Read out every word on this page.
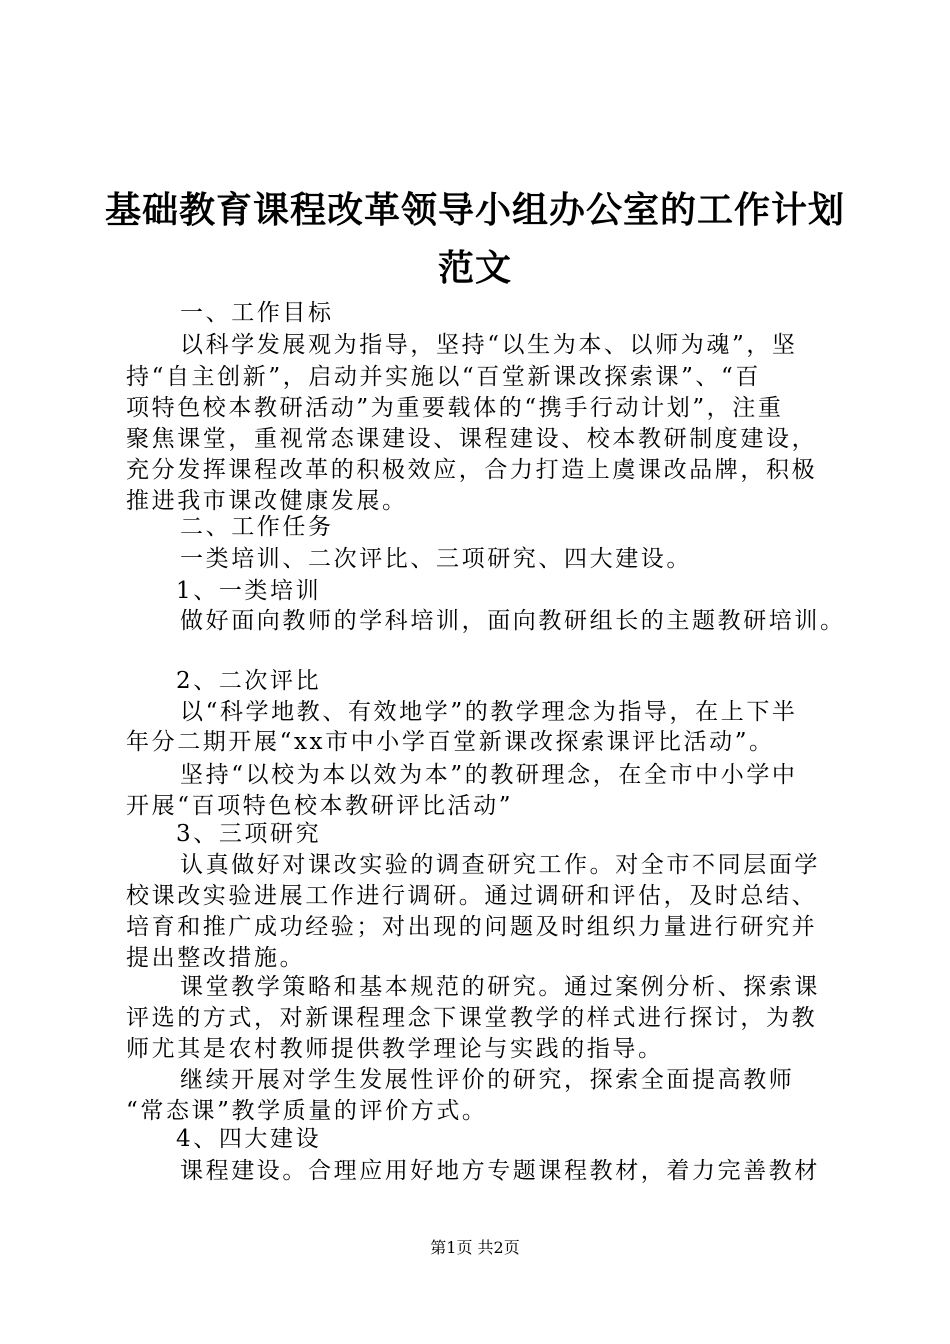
基础教育课程改革领导小组办公室的工作计划
范文
一、工作目标
以科学发展观为指导，坚持“以生为本、以师为魂”，坚
持“自主创新”，启动并实施以“百堂新课改探索课”、“百
项特色校本教研活动”为重要载体的“携手行动计划”，注重
聚焦课堂，重视常态课建设、课程建设、校本教研制度建设，
充分发挥课程改革的积极效应，合力打造上虞课改品牌，积极
推进我市课改健康发展。
二、工作任务
一类培训、二次评比、三项研究、四大建设。
1、一类培训
做好面向教师的学科培训，面向教研组长的主题教研培训。
2、二次评比
以“科学地教、有效地学”的教学理念为指导，在上下半
年分二期开展“xx市中小学百堂新课改探索课评比活动”。
坚持“以校为本以效为本”的教研理念，在全市中小学中
开展“百项特色校本教研评比活动”
3、三项研究
认真做好对课改实验的调查研究工作。对全市不同层面学
校课改实验进展工作进行调研。通过调研和评估，及时总结、
培育和推广成功经验；对出现的问题及时组织力量进行研究并
提出整改措施。
课堂教学策略和基本规范的研究。通过案例分析、探索课
评选的方式，对新课程理念下课堂教学的样式进行探讨，为教
师尤其是农村教师提供教学理论与实践的指导。
继续开展对学生发展性评价的研究，探索全面提高教师
“常态课”教学质量的评价方式。
4、四大建设
课程建设。合理应用好地方专题课程教材，着力完善教材
第1页 共2页
